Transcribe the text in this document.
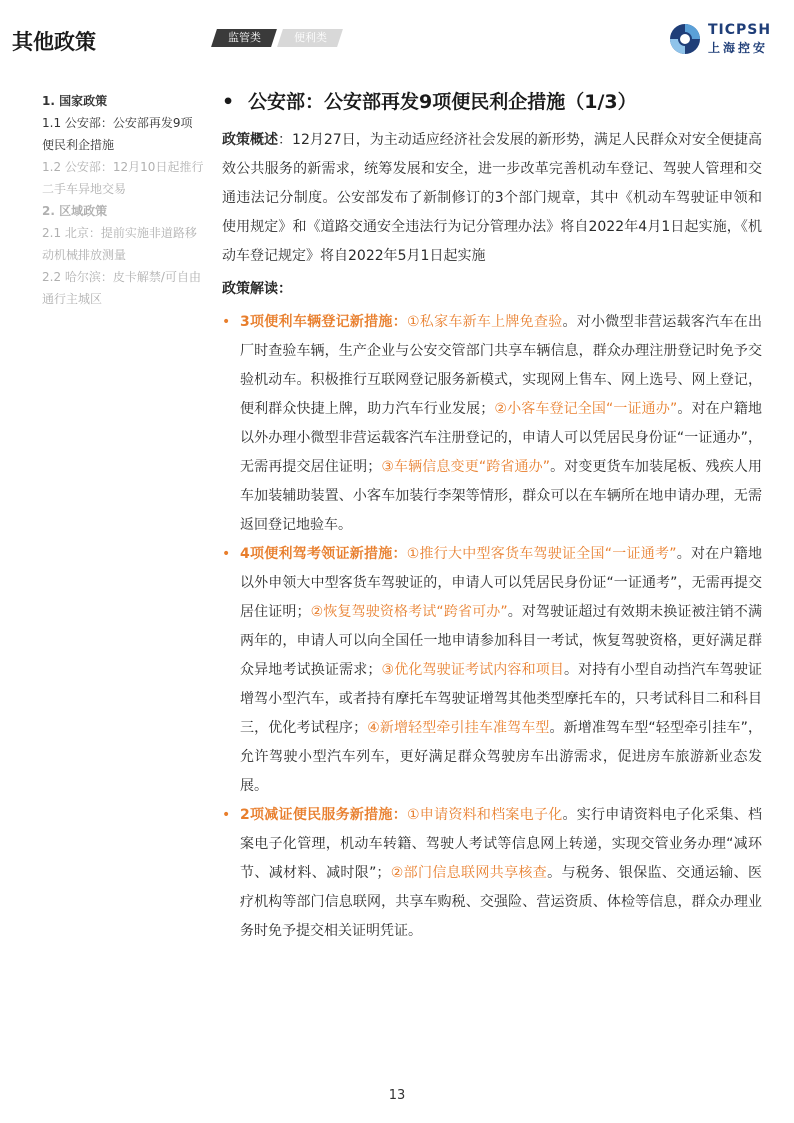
其他政策	监管类	便利类	TICPSH
上海控安
1. 国家政策
1.1 公安部：公安部再发9项便民利企措施
1.2 公安部：12月10日起推行二手车异地交易
2. 区域政策
2.1 北京：提前实施非道路移动机械排放测量
2.2 哈尔滨：皮卡解禁/可自由通行主城区
• 公安部：公安部再发9项便民利企措施（1/3）
政策概述：12月27日，为主动适应经济社会发展的新形势，满足人民群众对安全便捷高效公共服务的新需求，统筹发展和安全，进一步改革完善机动车登记、驾驶人管理和交通违法记分制度。公安部发布了新制修订的3个部门规章，其中《机动车驾驶证申领和使用规定》和《道路交通安全违法行为记分管理办法》将自2022年4月1日起实施，《机动车登记规定》将自2022年5月1日起实施
政策解读：
• 3项便利车辆登记新措施：①私家车新车上牌免查验。对小微型非营运载客汽车在出厂时查验车辆，生产企业与公安交管部门共享车辆信息，群众办理注册登记时免予交验机动车。积极推行互联网登记服务新模式，实现网上售车、网上选号、网上登记，便利群众快捷上牌，助力汽车行业发展；②小客车登记全国“一证通办”。对在户籍地以外办理小微型非营运载客汽车注册登记的，申请人可以凭居民身份证“一证通办”，无需再提交居住证明；③车辆信息变更“跨省通办”。对变更货车加装尾板、残疾人用车加装辅助装置、小客车加装行李架等情形，群众可以在车辆所在地申请办理，无需返回登记地验车。
• 4项便利驾考领证新措施：①推行大中型客货车驾驶证全国“一证通考”。对在户籍地以外申领大中型客货车驾驶证的，申请人可以凭居民身份证“一证通考”，无需再提交居住证明；②恢复驾驶资格考试“跨省可办”。对驾驶证超过有效期未换证被注销不满两年的，申请人可以向全国任一地申请参加科目一考试，恢复驾驶资格，更好满足群众异地考试换证需求；③优化驾驶证考试内容和项目。对持有小型自动挡汽车驾驶证增驾小型汽车，或者持有摩托车驾驶证增驾其他类型摩托车的，只考试科目二和科目三，优化考试程序；④新增轻型牵引挂车准驾车型。新增准驾车型“轻型牵引挂车”，允许驾驶小型汽车列车，更好满足群众驾驶房车出游需求，促进房车旅游新业态发展。
• 2项减证便民服务新措施：①申请资料和档案电子化。实行申请资料电子化采集、档案电子化管理，机动车转籍、驾驶人考试等信息网上转递，实现交管业务办理“减环节、减材料、减时限”；②部门信息联网共享核查。与税务、银保监、交通运输、医疗机构等部门信息联网，共享车购税、交强险、营运资质、体检等信息，群众办理业务时免予提交相关证明凭证。
13
